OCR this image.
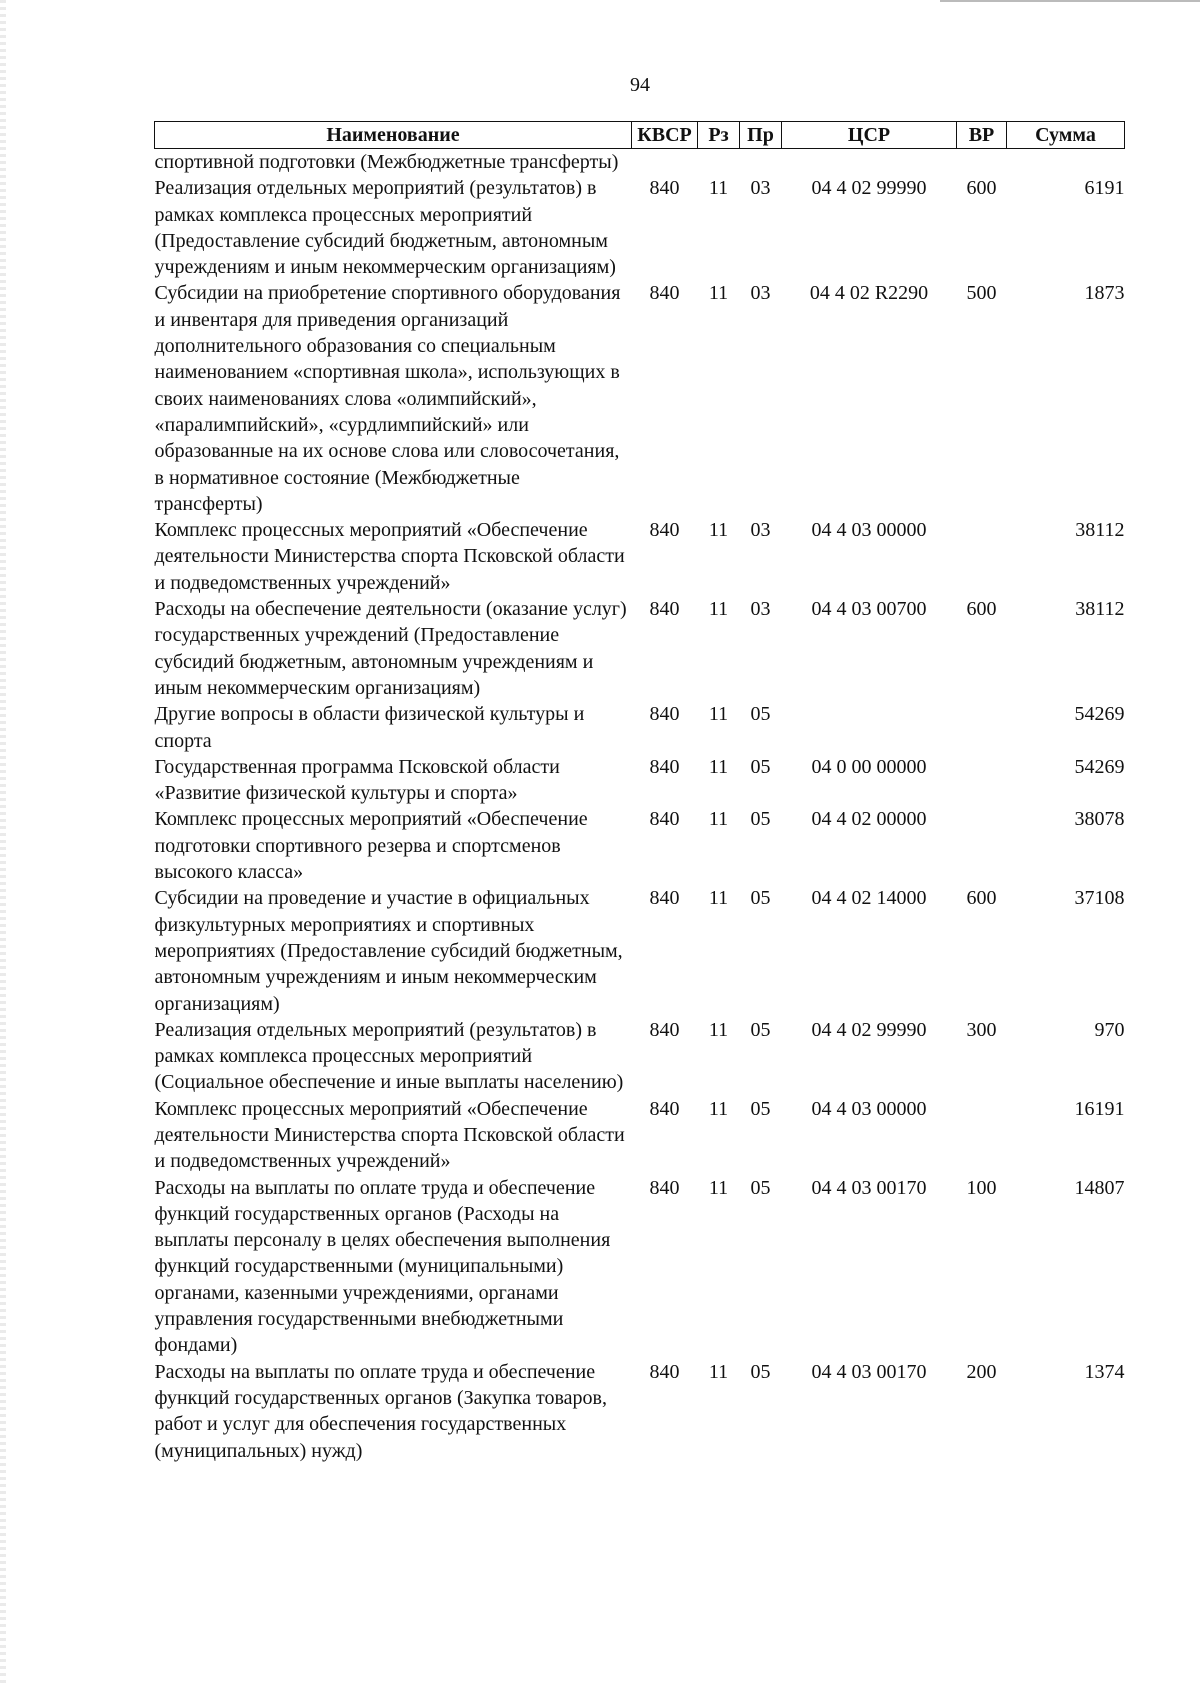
94
Наименование	КВСР	Рз	Пр	ЦСР	ВР	Сумма
спортивной подготовки (Межбюджетные трансферты)						
Реализация отдельных мероприятий (результатов) в рамках комплекса процессных мероприятий (Предоставление субсидий бюджетным, автономным учреждениям и иным некоммерческим организациям)	840	11	03	04 4 02 99990	600	6191
Субсидии на приобретение спортивного оборудования и инвентаря для приведения организаций дополнительного образования со специальным наименованием «спортивная школа», использующих в своих наименованиях слова «олимпийский», «паралимпийский», «сурдлимпийский» или образованные на их основе слова или словосочетания, в нормативное состояние (Межбюджетные трансферты)	840	11	03	04 4 02 R2290	500	1873
Комплекс процессных мероприятий «Обеспечение деятельности Министерства спорта Псковской области и подведомственных учреждений»	840	11	03	04 4 03 00000		38112
Расходы на обеспечение деятельности (оказание услуг) государственных учреждений (Предоставление субсидий бюджетным, автономным учреждениям и иным некоммерческим организациям)	840	11	03	04 4 03 00700	600	38112
Другие вопросы в области физической культуры и спорта	840	11	05			54269
Государственная программа Псковской области «Развитие физической культуры и спорта»	840	11	05	04 0 00 00000		54269
Комплекс процессных мероприятий «Обеспечение подготовки спортивного резерва и спортсменов высокого класса»	840	11	05	04 4 02 00000		38078
Субсидии на проведение и участие в официальных физкультурных мероприятиях и спортивных мероприятиях (Предоставление субсидий бюджетным, автономным учреждениям и иным некоммерческим организациям)	840	11	05	04 4 02 14000	600	37108
Реализация отдельных мероприятий (результатов) в рамках комплекса процессных мероприятий (Социальное обеспечение и иные выплаты населению)	840	11	05	04 4 02 99990	300	970
Комплекс процессных мероприятий «Обеспечение деятельности Министерства спорта Псковской области и подведомственных учреждений»	840	11	05	04 4 03 00000		16191
Расходы на выплаты по оплате труда и обеспечение функций государственных органов (Расходы на выплаты персоналу в целях обеспечения выполнения функций государственными (муниципальными) органами, казенными учреждениями, органами управления государственными внебюджетными фондами)	840	11	05	04 4 03 00170	100	14807
Расходы на выплаты по оплате труда и обеспечение функций государственных органов (Закупка товаров, работ и услуг для обеспечения государственных (муниципальных) нужд)	840	11	05	04 4 03 00170	200	1374
